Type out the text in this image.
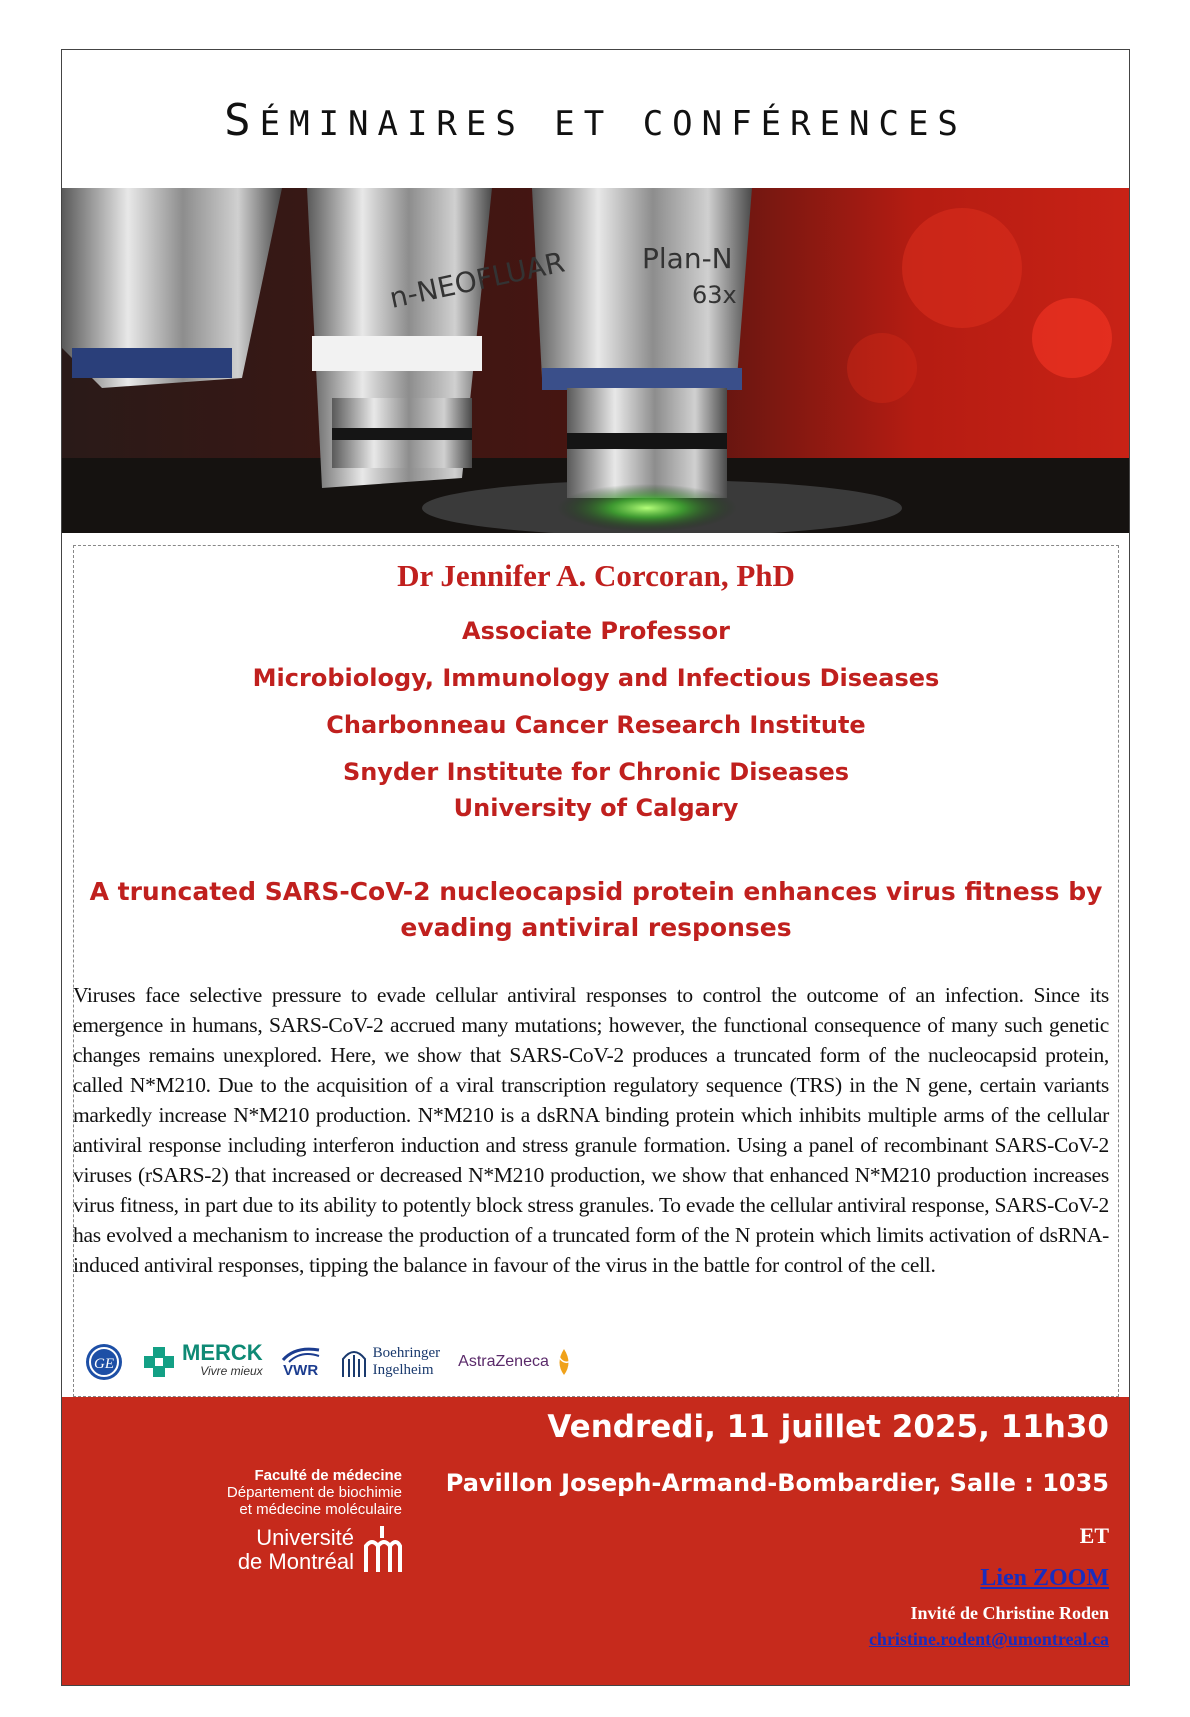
SÉMINAIRES ET CONFÉRENCES
n-NEOFLUAR	Plan-N
63x
Dr Jennifer A. Corcoran, PhD
Associate Professor
Microbiology, Immunology and Infectious Diseases
Charbonneau Cancer Research Institute
Snyder Institute for Chronic Diseases
University of Calgary
A truncated SARS-CoV-2 nucleocapsid protein enhances virus fitness by
evading antiviral responses
Viruses face selective pressure to evade cellular antiviral responses to control the outcome of an infection. Since its emergence in humans, SARS-CoV-2 accrued many mutations; however, the functional consequence of many such genetic changes remains unexplored. Here, we show that SARS-CoV-2 produces a truncated form of the nucleocapsid protein, called N*M210. Due to the acquisition of a viral transcription regulatory sequence (TRS) in the N gene, certain variants markedly increase N*M210 production. N*M210 is a dsRNA binding protein which inhibits multiple arms of the cellular antiviral response including interferon induction and stress granule formation. Using a panel of recombinant SARS-CoV-2 viruses (rSARS-2) that increased or decreased N*M210 production, we show that enhanced N*M210 production increases virus fitness, in part due to its ability to potently block stress granules. To evade the cellular antiviral response, SARS-CoV-2 has evolved a mechanism to increase the production of a truncated form of the N protein which limits activation of dsRNA-induced antiviral responses, tipping the balance in favour of the virus in the battle for control of the cell.
GE	MERCK
Vivre mieux VWR
Boehringer
Ingelheim	AstraZeneca
Faculté de médecine
Département de biochimie
et médecine moléculaire
Université
de Montréal
Vendredi, 11 juillet 2025, 11h30
Pavillon Joseph-Armand-Bombardier, Salle : 1035
ET
Lien ZOOM
Invité de Christine Roden
christine.rodent@umontreal.ca
